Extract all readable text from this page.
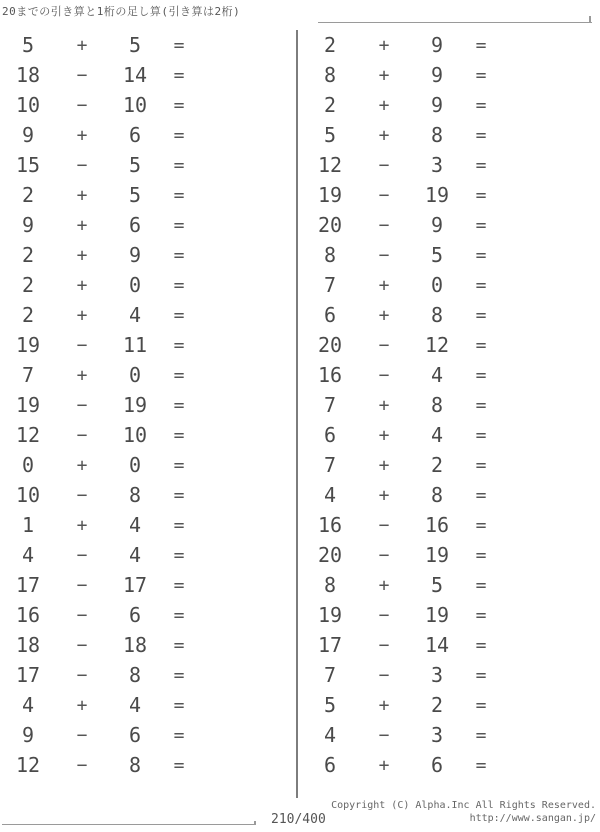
20までの引き算と1桁の足し算(引き算は2桁)
5	+	5	=
18	−	14	=
10	−	10	=
9	+	6	=
15	−	5	=
2	+	5	=
9	+	6	=
2	+	9	=
2	+	0	=
2	+	4	=
19	−	11	=
7	+	0	=
19	−	19	=
12	−	10	=
0	+	0	=
10	−	8	=
1	+	4	=
4	−	4	=
17	−	17	=
16	−	6	=
18	−	18	=
17	−	8	=
4	+	4	=
9	−	6	=
12	−	8	=
2	+	9	=
8	+	9	=
2	+	9	=
5	+	8	=
12	−	3	=
19	−	19	=
20	−	9	=
8	−	5	=
7	+	0	=
6	+	8	=
20	−	12	=
16	−	4	=
7	+	8	=
6	+	4	=
7	+	2	=
4	+	8	=
16	−	16	=
20	−	19	=
8	+	5	=
19	−	19	=
17	−	14	=
7	−	3	=
5	+	2	=
4	−	3	=
6	+	6	=
210/400
Copyright (C) Alpha.Inc All Rights Reserved.
http://www.sangan.jp/
